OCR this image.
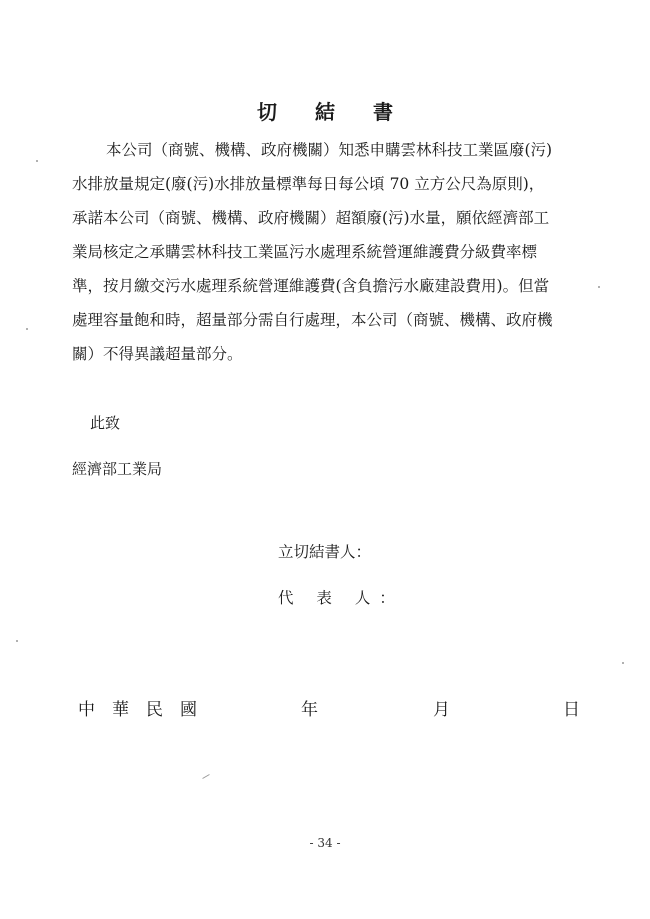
切結書
本公司（商號、機構、政府機關）知悉申購雲林科技工業區廢(污)
水排放量規定(廢(污)水排放量標準每日每公頃 70 立方公尺為原則)，
承諾本公司（商號、機構、政府機關）超額廢(污)水量，願依經濟部工
業局核定之承購雲林科技工業區污水處理系統營運維護費分級費率標
準，按月繳交污水處理系統營運維護費(含負擔污水廠建設費用)。但當
處理容量飽和時，超量部分需自行處理，本公司（商號、機構、政府機
關）不得異議超量部分。
此致
經濟部工業局
立切結書人：
代 表 人：
中華民國	年	月	日
- 34 -
